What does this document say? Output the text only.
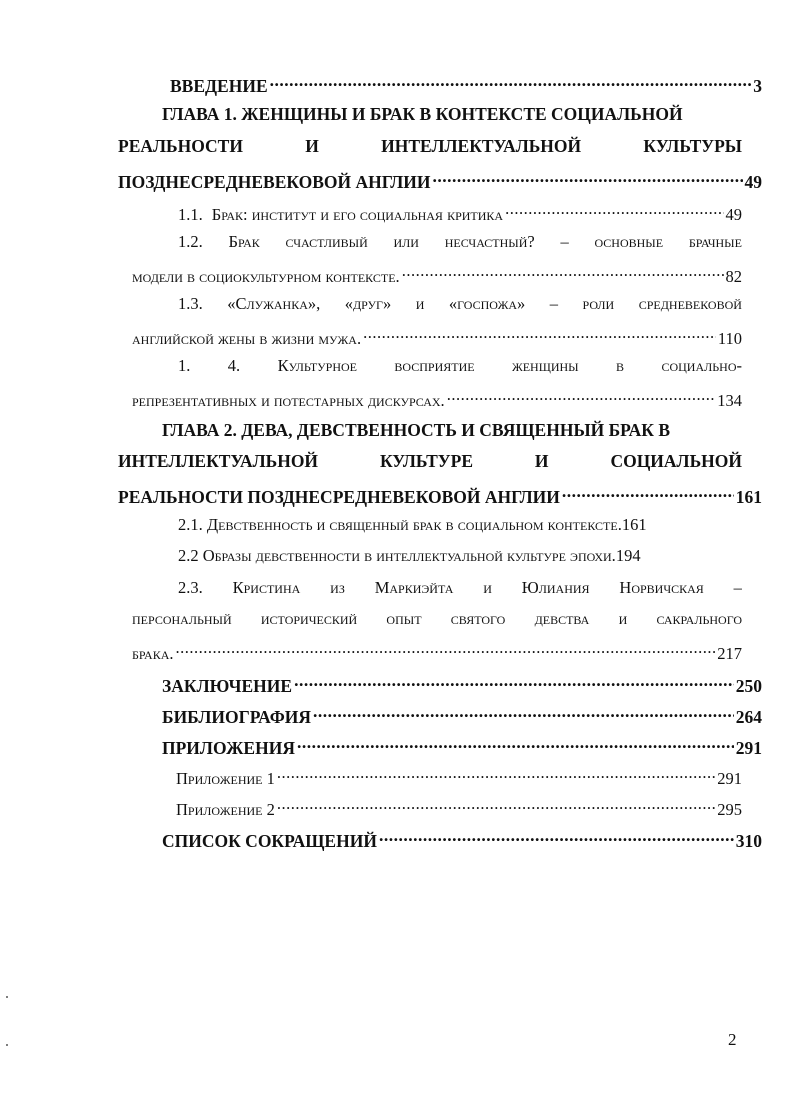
ВВЕДЕНИЕ .....	3
ГЛАВА 1. ЖЕНЩИНЫ И БРАК В КОНТЕКСТЕ СОЦИАЛЬНОЙ
РЕАЛЬНОСТИ	И	ИНТЕЛЛЕКТУАЛЬНОЙ	КУЛЬТУРЫ
ПОЗДНЕСРЕДНЕВЕКОВОЙ АНГЛИИ .....	49
1.1. Брак: институт и его социальная критика .....	49
1.2. Брак счастливый или несчастный? – основные брачные
модели в социокультурном контексте. .....	82
1.3. «Служанка», «друг» и «госпожа» – роли средневековой
английской жены в жизни мужа. .....	110
1. 4. Культурное восприятие женщины в социально-
репрезентативных и потестарных дискурсах. .....	134
ГЛАВА 2. ДЕВА, ДЕВСТВЕННОСТЬ И СВЯЩЕННЫЙ БРАК В
ИНТЕЛЛЕКТУАЛЬНОЙ	КУЛЬТУРЕ	И	СОЦИАЛЬНОЙ
РЕАЛЬНОСТИ ПОЗДНЕСРЕДНЕВЕКОВОЙ АНГЛИИ .....	161
2.1. Девственность и священный брак в социальном контексте. 161
2.2 Образы девственности в интеллектуальной культуре эпохи. 194
2.3. Кристина из Маркиэйта и Юлиания Норвичская –
персональный исторический опыт святого девства и сакрального
брака. .....	217
ЗАКЛЮЧЕНИЕ .....	250
БИБЛИОГРАФИЯ .....	264
ПРИЛОЖЕНИЯ .....	291
Приложение 1 .....	291
Приложение 2 .....	295
СПИСОК СОКРАЩЕНИЙ .....	310
2
